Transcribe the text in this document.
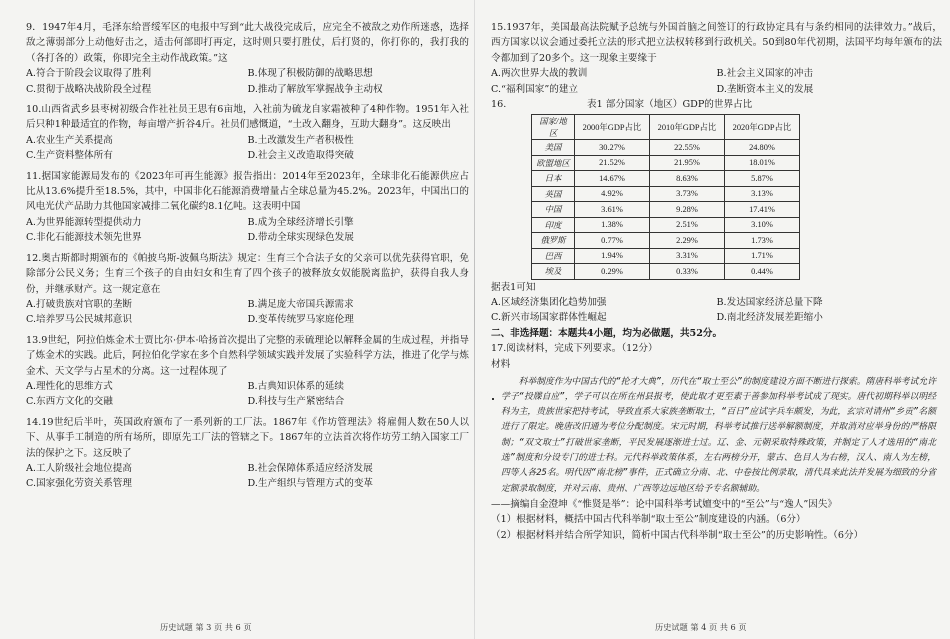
9．1947年4月，毛泽东给晋绥军区的电报中写到“此大战役完成后，应完全不被敌之劝作所迷惑，选择敌之薄弱部分上动他好击之，适击何部即打再定，这时则只要打胜仗，后打贤的，你打你的，我打我的（各打各的）政策，你即完全主动作战政策。”这

A.符合于阶段会议取得了胜利	B.体现了积极防御的战略思想
C.贯彻于战略决战阶段全过程	D.推动了解放军掌握战争主动权

10.山西省武乡县枣树初级合作社社员王思有6亩地，入社前为硫龙自家霜被种了4种作物。1951年入社后只种1种最适宜的作物，每亩增产折谷4斤。社员们感慨道，“土改入翻身，互助大翻身”。这反映出

A.农业生产关系提高	B.土改激发生产者积极性
C.生产资料整体所有	D.社会主义改造取得突破

11.据国家能源局发布的《2023年可再生能源》报告指出：2014年至2023年，全球非化石能源供应占比从13.6%提升至18.5%，其中，中国非化石能源消费增量占全球总量为45.2%。2023年，中国出口的风电光伏产品助力其他国家减排二氧化碳约8.1亿吨。这表明中国

A.为世界能源转型提供动力	B.成为全球经济增长引擎
C.非化石能源技术领先世界	D.带动全球实现绿色发展

12.奥古斯都时期颁布的《帕披乌斯-波佩乌斯法》规定：生育三个合法子女的父亲可以优先获得官职，免除部分公民义务；生育三个孩子的自由妇女和生育了四个孩子的被释放女奴能脱离监护，获得自我人身份，并继承财产。这一规定意在

A.打破贵族对官职的垄断	B.满足庞大帝国兵源需求
C.培养罗马公民城邦意识	D.变革传统罗马家庭伦理

13.9世纪，阿拉伯炼金术士贾比尔·伊本·哈扬首次提出了完整的汞硫理论以解释金属的生成过程，并指导了炼金术的实践。此后，阿拉伯化学家在多个自然科学领域实践并发展了实验科学方法，推进了化学与炼金术、天文学与占星术的分离。这一过程体现了

A.理性化的思维方式	B.古典知识体系的延续
C.东西方文化的交融	D.科技与生产紧密结合

14.19世纪后半叶，英国政府颁布了一系列新的工厂法。1867年《作坊管理法》将雇佣人数在50人以下、从事手工制造的所有场所，即原先工厂法的管辖之下。1867年的立法首次将作坊劳工纳入国家工厂法的保护之下。这反映了

A.工人阶级社会地位提高	B.社会保障体系适应经济发展
C.国家强化劳资关系管理	D.生产组织与管理方式的变革
历史试题 第 3 页 共 6 页

15.1937年，美国最高法院赋予总统与外国首脑之间签订的行政协定具有与条约相同的法律效力。”战后，西方国家以议会通过委托立法的形式把立法权转移到行政机关。50到80年代初期，法国平均每年颁布的法令都加到了20多个。这一现象主要缘于

A.两次世界大战的教训	B.社会主义国家的冲击
C.“福利国家”的建立	D.垄断资本主义的发展
16.	表1 部分国家（地区）GDP的世界占比
国家/地区	2000年GDP占比	2010年GDP占比	2020年GDP占比
美国	30.27%	22.55%	24.80%
欧盟地区	21.52%	21.95%	18.01%
日本	14.67%	8.63%	5.87%
英国	4.92%	3.73%	3.13%
中国	3.61%	9.28%	17.41%
印度	1.38%	2.51%	3.10%
俄罗斯	0.77%	2.29%	1.73%
巴西	1.94%	3.31%	1.71%
埃及	0.29%	0.33%	0.44%
据表1可知
A.区域经济集团化趋势加强	B.发达国家经济总量下降
C.新兴市场国家群体性崛起	D.南北经济发展差距缩小
二、非选择题：本题共4小题，均为必做题，共52分。

17.阅读材料，完成下列要求。（12分）

材料
科举制度作为中国古代的“抡才大典”，历代在“取士至公”的制度建设方面不断进行探索。隋唐科举考试允许学子“投牒自应”，学子可以在所在州县报考，使此取才更至素于善参加科举考试成了现实。唐代初期科举以明经科为主，贵族世家把持考试，导致直系大家族垄断取士，“百日”应试字兵车颇发，为此，玄宗对请州“乡贡”名额进行了限定。晚唐改旧通为考位分配制度。宋元时期，科举考试推行送举解额制度，并取消对应举身份的严格限制；“双文取士”打破世家垄断，平民发展逐渐进士过。辽、金、元朝采取特殊政策，并制定了人才选用的“南北选”制度和分设专门的进士科。元代科举政策体系，左右两榜分开，蒙古、色目人为右榜，汉人、南人为左榜，四等人各25名。明代因“南北榜”事件，正式确立分南、北、中卷按比例录取，清代具来此法并发展为细致的分省定额录取制度，并对云南、贵州、广西等边远地区给予专名额辅助。
——摘编自金澄坤《“惟贤是举”：论中国科举考试嬗变中的“至公”与“逸人”因失》
（1）根据材料，概括中国古代科举制“取士至公”制度建设的内涵。（6分）
（2）根据材料并结合所学知识，简析中国古代科举制“取士至公”的历史影响性。（6分）
历史试题 第 4 页 共 6 页
